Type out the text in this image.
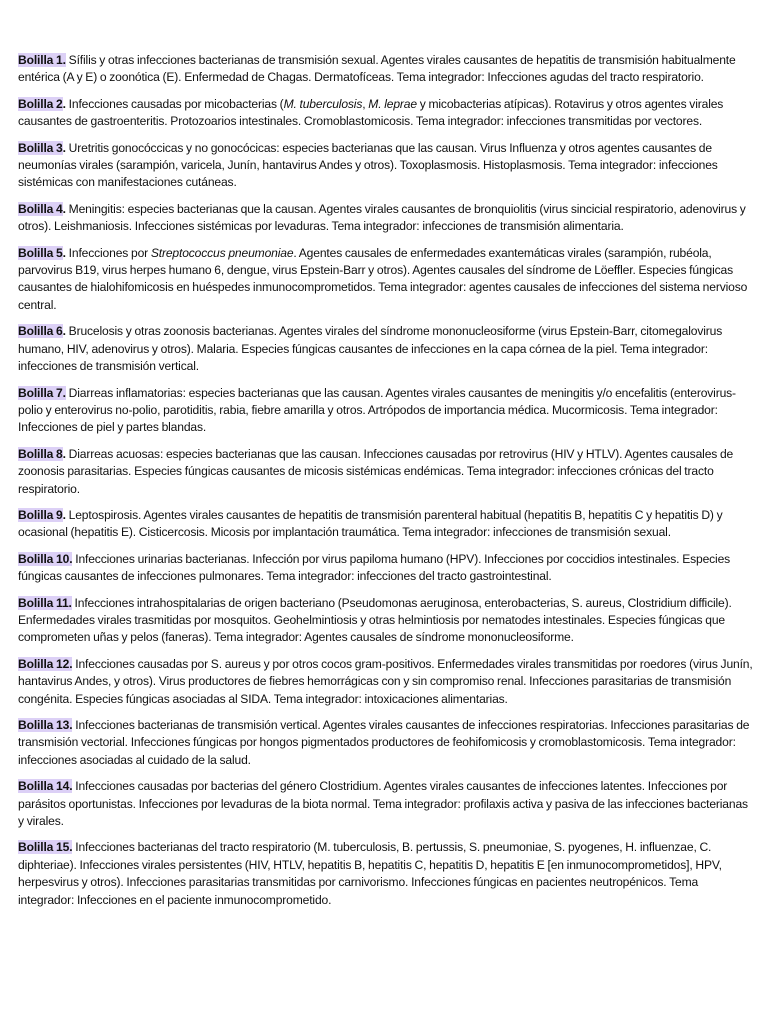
Bolilla 1. Sífilis y otras infecciones bacterianas de transmisión sexual. Agentes virales causantes de hepatitis de transmisión habitualmente entérica (A y E) o zoonótica (E). Enfermedad de Chagas. Dermatofíceas. Tema integrador: Infecciones agudas del tracto respiratorio.

Bolilla 2. Infecciones causadas por micobacterias (M. tuberculosis, M. leprae y micobacterias atípicas). Rotavirus y otros agentes virales causantes de gastroenteritis. Protozoarios intestinales. Cromoblastomicosis. Tema integrador: infecciones transmitidas por vectores.

Bolilla 3. Uretritis gonocóccicas y no gonocócicas: especies bacterianas que las causan. Virus Influenza y otros agentes causantes de neumonías virales (sarampión, varicela, Junín, hantavirus Andes y otros). Toxoplasmosis. Histoplasmosis. Tema integrador: infecciones sistémicas con manifestaciones cutáneas.

Bolilla 4. Meningitis: especies bacterianas que la causan. Agentes virales causantes de bronquiolitis (virus sincicial respiratorio, adenovirus y otros). Leishmaniosis. Infecciones sistémicas por levaduras. Tema integrador: infecciones de transmisión alimentaria.

Bolilla 5. Infecciones por Streptococcus pneumoniae. Agentes causales de enfermedades exantemáticas virales (sarampión, rubéola, parvovirus B19, virus herpes humano 6, dengue, virus Epstein-Barr y otros). Agentes causales del síndrome de Löeffler. Especies fúngicas causantes de hialohifomicosis en huéspedes inmunocomprometidos. Tema integrador: agentes causales de infecciones del sistema nervioso central.

Bolilla 6. Brucelosis y otras zoonosis bacterianas. Agentes virales del síndrome mononucleosiforme (virus Epstein-Barr, citomegalovirus humano, HIV, adenovirus y otros). Malaria. Especies fúngicas causantes de infecciones en la capa córnea de la piel. Tema integrador: infecciones de transmisión vertical.

Bolilla 7. Diarreas inflamatorias: especies bacterianas que las causan. Agentes virales causantes de meningitis y/o encefalitis (enterovirus-polio y enterovirus no-polio, parotiditis, rabia, fiebre amarilla y otros. Artrópodos de importancia médica. Mucormicosis. Tema integrador: Infecciones de piel y partes blandas.

Bolilla 8. Diarreas acuosas: especies bacterianas que las causan. Infecciones causadas por retrovirus (HIV y HTLV). Agentes causales de zoonosis parasitarias. Especies fúngicas causantes de micosis sistémicas endémicas. Tema integrador: infecciones crónicas del tracto respiratorio.

Bolilla 9. Leptospirosis. Agentes virales causantes de hepatitis de transmisión parenteral habitual (hepatitis B, hepatitis C y hepatitis D) y ocasional (hepatitis E). Cisticercosis. Micosis por implantación traumática. Tema integrador: infecciones de transmisión sexual.

Bolilla 10. Infecciones urinarias bacterianas. Infección por virus papiloma humano (HPV). Infecciones por coccidios intestinales. Especies fúngicas causantes de infecciones pulmonares. Tema integrador: infecciones del tracto gastrointestinal.

Bolilla 11. Infecciones intrahospitalarias de origen bacteriano (Pseudomonas aeruginosa, enterobacterias, S. aureus, Clostridium difficile). Enfermedades virales trasmitidas por mosquitos. Geohelmintiosis y otras helmintiosis por nematodes intestinales. Especies fúngicas que comprometen uñas y pelos (faneras). Tema integrador: Agentes causales de síndrome mononucleosiforme.

Bolilla 12. Infecciones causadas por S. aureus y por otros cocos gram-positivos. Enfermedades virales transmitidas por roedores (virus Junín, hantavirus Andes, y otros). Virus productores de fiebres hemorrágicas con y sin compromiso renal. Infecciones parasitarias de transmisión congénita. Especies fúngicas asociadas al SIDA. Tema integrador: intoxicaciones alimentarias.

Bolilla 13. Infecciones bacterianas de transmisión vertical. Agentes virales causantes de infecciones respiratorias. Infecciones parasitarias de transmisión vectorial. Infecciones fúngicas por hongos pigmentados productores de feohifomicosis y cromoblastomicosis. Tema integrador: infecciones asociadas al cuidado de la salud.

Bolilla 14. Infecciones causadas por bacterias del género Clostridium. Agentes virales causantes de infecciones latentes. Infecciones por parásitos oportunistas. Infecciones por levaduras de la biota normal. Tema integrador: profilaxis activa y pasiva de las infecciones bacterianas y virales.

Bolilla 15. Infecciones bacterianas del tracto respiratorio (M. tuberculosis, B. pertussis, S. pneumoniae, S. pyogenes, H. influenzae, C. diphteriae). Infecciones virales persistentes (HIV, HTLV, hepatitis B, hepatitis C, hepatitis D, hepatitis E [en inmunocomprometidos], HPV, herpesvirus y otros). Infecciones parasitarias transmitidas por carnivorismo. Infecciones fúngicas en pacientes neutropénicos. Tema integrador: Infecciones en el paciente inmunocomprometido.
